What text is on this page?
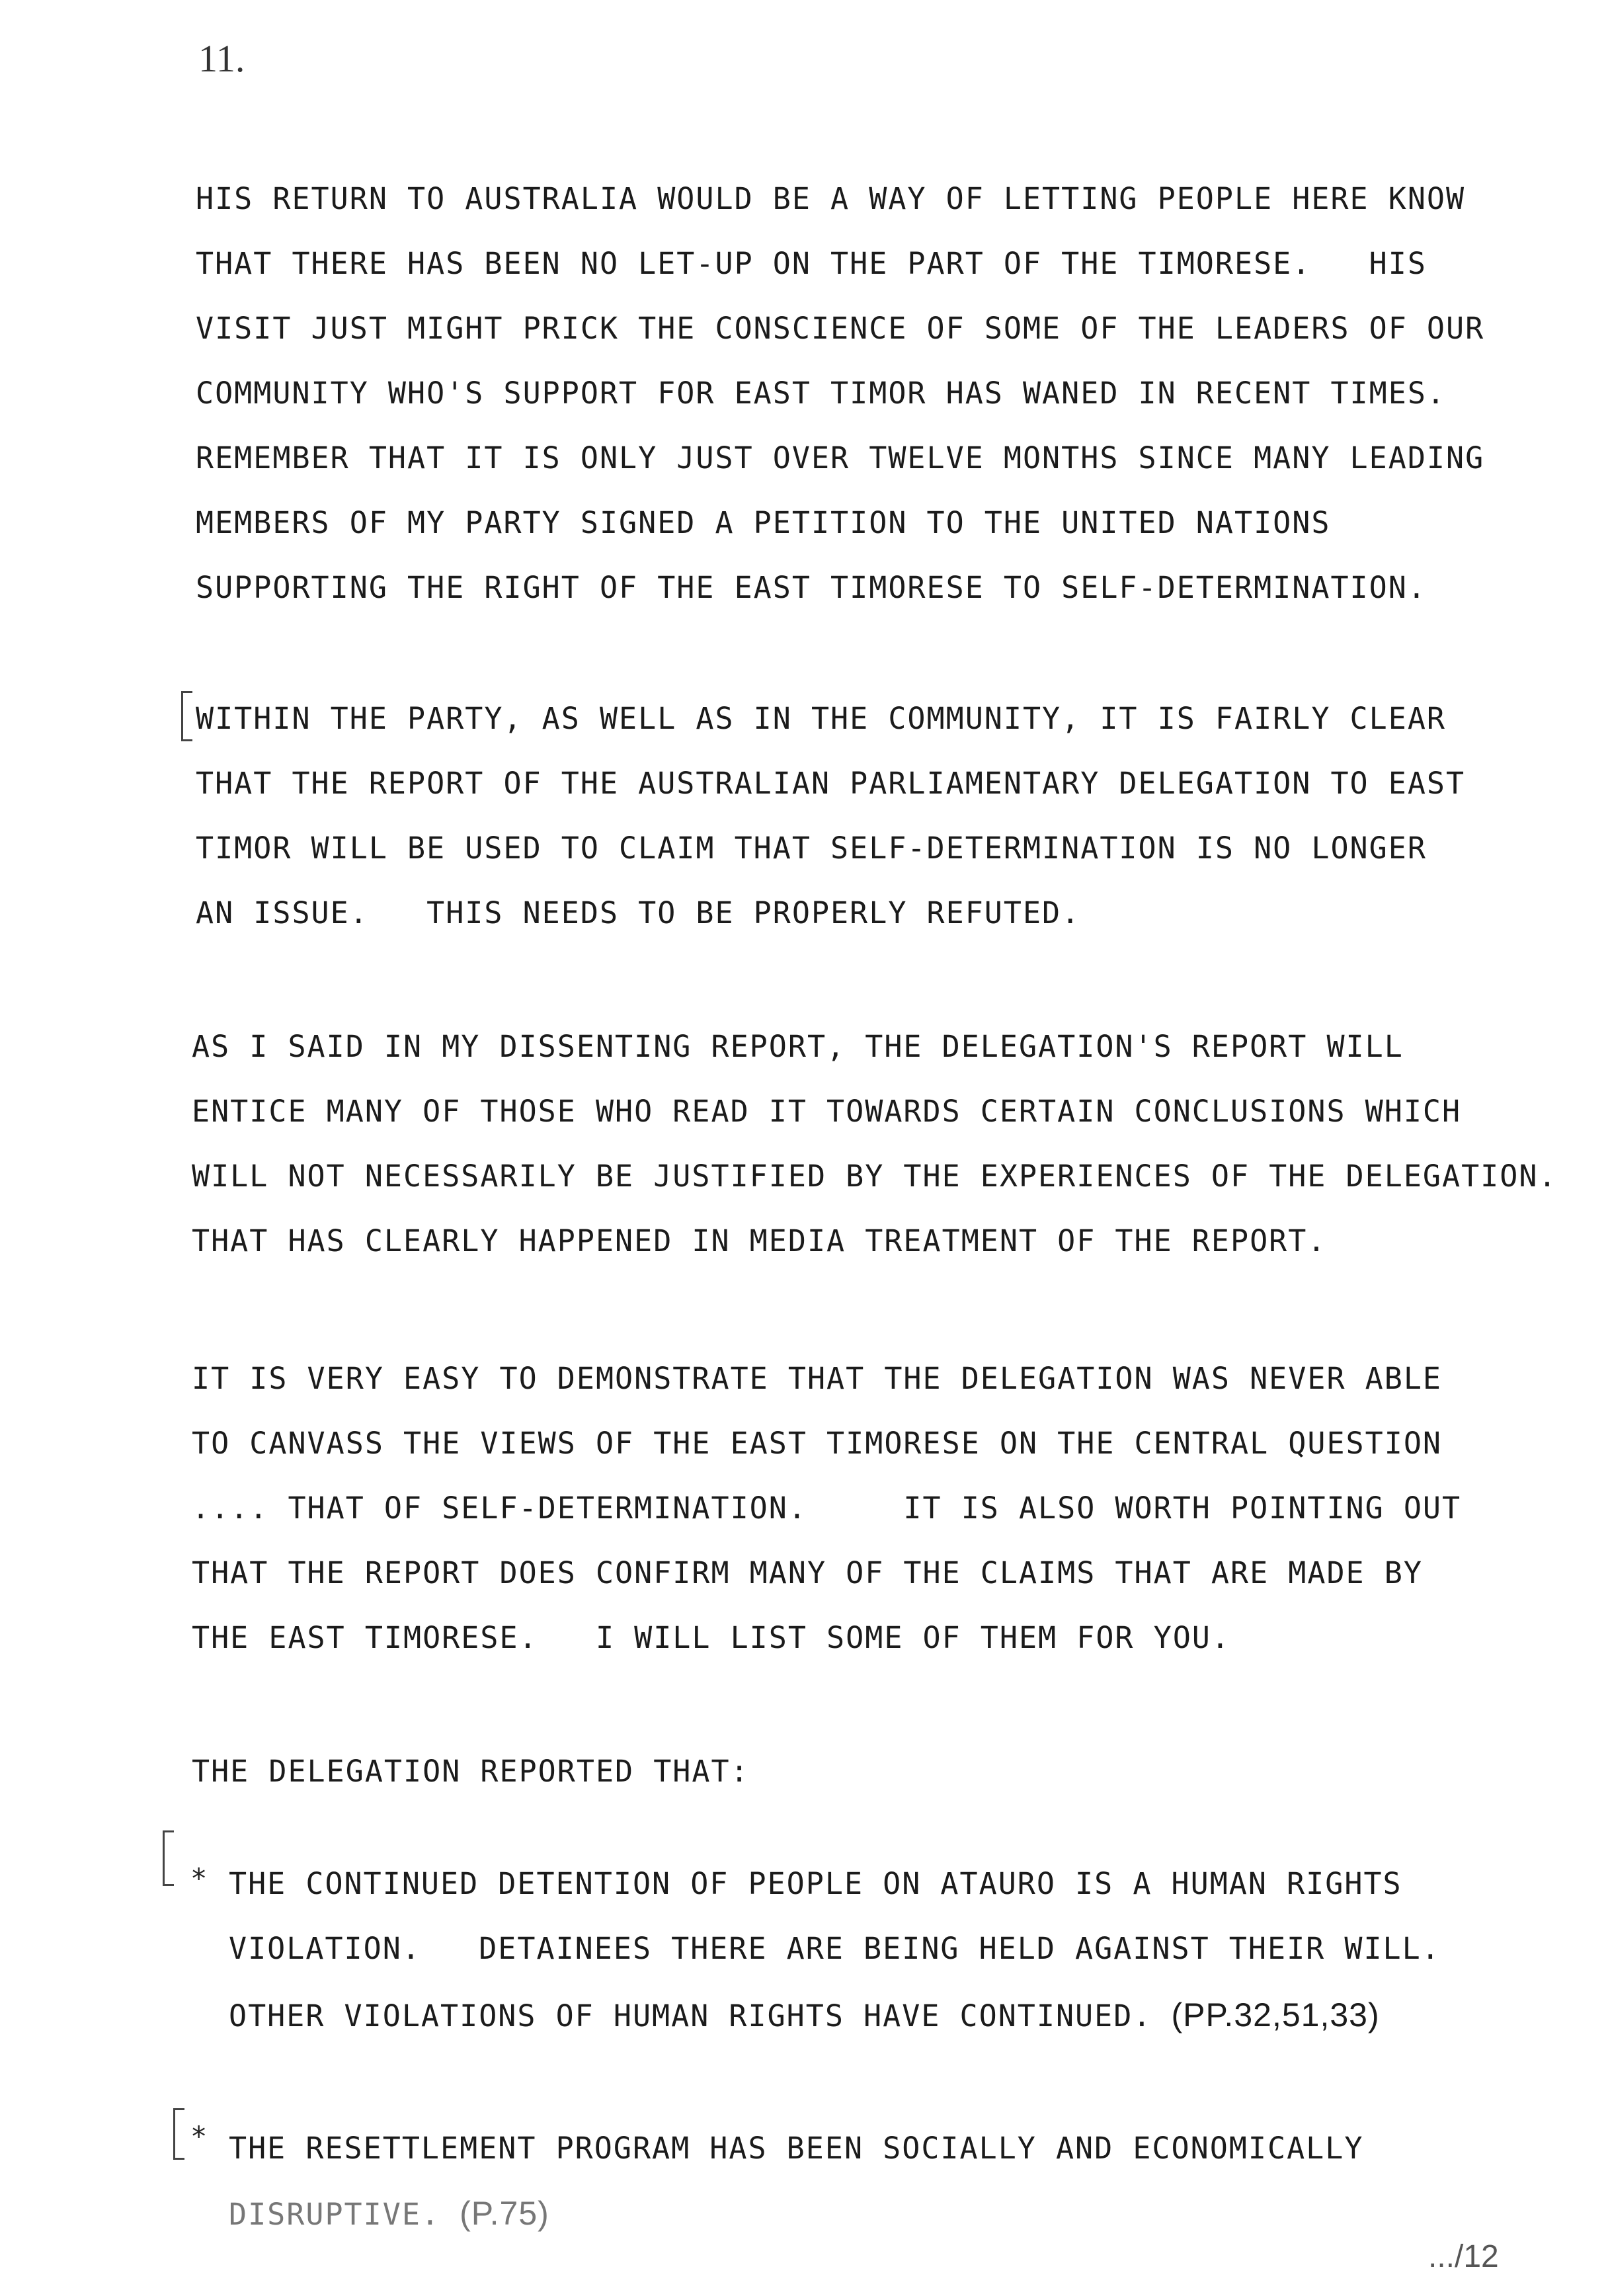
11.
HIS RETURN TO AUSTRALIA WOULD BE A WAY OF LETTING PEOPLE HERE KNOW
THAT THERE HAS BEEN NO LET-UP ON THE PART OF THE TIMORESE.   HIS
VISIT JUST MIGHT PRICK THE CONSCIENCE OF SOME OF THE LEADERS OF OUR
COMMUNITY WHO'S SUPPORT FOR EAST TIMOR HAS WANED IN RECENT TIMES.
REMEMBER THAT IT IS ONLY JUST OVER TWELVE MONTHS SINCE MANY LEADING
MEMBERS OF MY PARTY SIGNED A PETITION TO THE UNITED NATIONS
SUPPORTING THE RIGHT OF THE EAST TIMORESE TO SELF-DETERMINATION.
WITHIN THE PARTY, AS WELL AS IN THE COMMUNITY, IT IS FAIRLY CLEAR
THAT THE REPORT OF THE AUSTRALIAN PARLIAMENTARY DELEGATION TO EAST
TIMOR WILL BE USED TO CLAIM THAT SELF-DETERMINATION IS NO LONGER
AN ISSUE.   THIS NEEDS TO BE PROPERLY REFUTED.
AS I SAID IN MY DISSENTING REPORT, THE DELEGATION'S REPORT WILL
ENTICE MANY OF THOSE WHO READ IT TOWARDS CERTAIN CONCLUSIONS WHICH
WILL NOT NECESSARILY BE JUSTIFIED BY THE EXPERIENCES OF THE DELEGATION.
THAT HAS CLEARLY HAPPENED IN MEDIA TREATMENT OF THE REPORT.
IT IS VERY EASY TO DEMONSTRATE THAT THE DELEGATION WAS NEVER ABLE
TO CANVASS THE VIEWS OF THE EAST TIMORESE ON THE CENTRAL QUESTION
.... THAT OF SELF-DETERMINATION.     IT IS ALSO WORTH POINTING OUT
THAT THE REPORT DOES CONFIRM MANY OF THE CLAIMS THAT ARE MADE BY
THE EAST TIMORESE.   I WILL LIST SOME OF THEM FOR YOU.
THE DELEGATION REPORTED THAT:
* THE CONTINUED DETENTION OF PEOPLE ON ATAURO IS A HUMAN RIGHTS
VIOLATION.   DETAINEES THERE ARE BEING HELD AGAINST THEIR WILL.
OTHER VIOLATIONS OF HUMAN RIGHTS HAVE CONTINUED. (PP.32,51,33)
* THE RESETTLEMENT PROGRAM HAS BEEN SOCIALLY AND ECONOMICALLY
DISRUPTIVE. (P.75)
.../12
